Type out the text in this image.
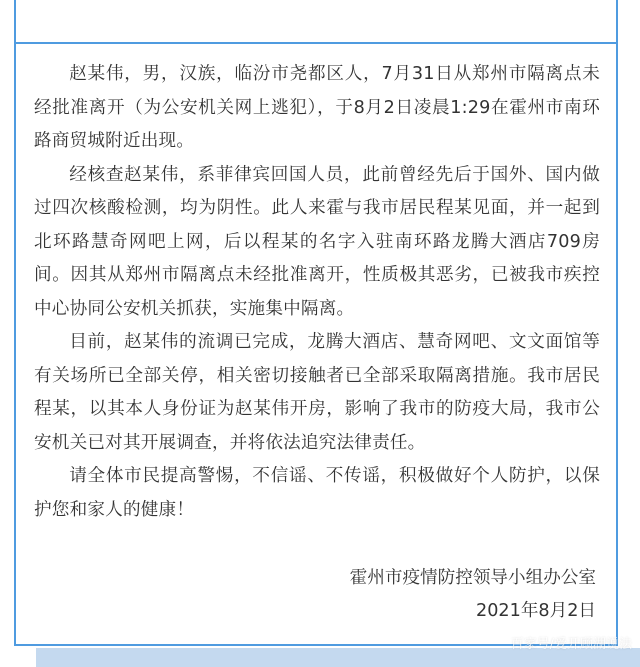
赵某伟，男，汉族，临汾市尧都区人，7月31日从郑州市隔离点未经批准离开（为公安机关网上逃犯），于8月2日凌晨1:29在霍州市南环路商贸城附近出现。

经核查赵某伟，系菲律宾回国人员，此前曾经先后于国外、国内做过四次核酸检测，均为阴性。此人来霍与我市居民程某见面，并一起到北环路慧奇网吧上网，后以程某的名字入驻南环路龙腾大酒店709房间。因其从郑州市隔离点未经批准离开，性质极其恶劣，已被我市疾控中心协同公安机关抓获，实施集中隔离。

目前，赵某伟的流调已完成，龙腾大酒店、慧奇网吧、文文面馆等有关场所已全部关停，相关密切接触者已全部采取隔离措施。我市居民程某，以其本人身份证为赵某伟开房，影响了我市的防疫大局，我市公安机关已对其开展调查，并将依法追究法律责任。

请全体市民提高警惕，不信谣、不传谣，积极做好个人防护，以保护您和家人的健康！

霍州市疫情防控领导小组办公室
2021年8月2日
百家号/爱开顾湖说法
